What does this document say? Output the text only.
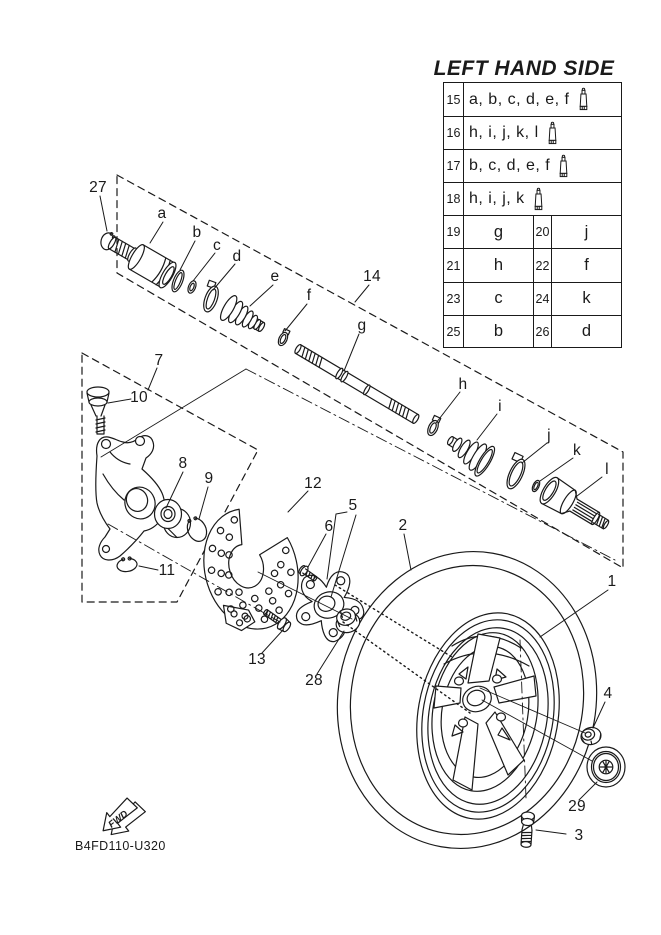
FWD
LEFT HAND SIDE
15 a, b, c, d, e, f
16 h, i, j, k, l
17 b, c, d, e, f
18 h, i, j, k
19	g	20	j
21	h	22	f
23	c	24	k
25	b	26	d
27
a
b
c
d
e
f
14
g
h
i
j
k
l
7
10
8
9	12
5
6	2
11
13
28
1
4
29
3
B4FD110-U320
